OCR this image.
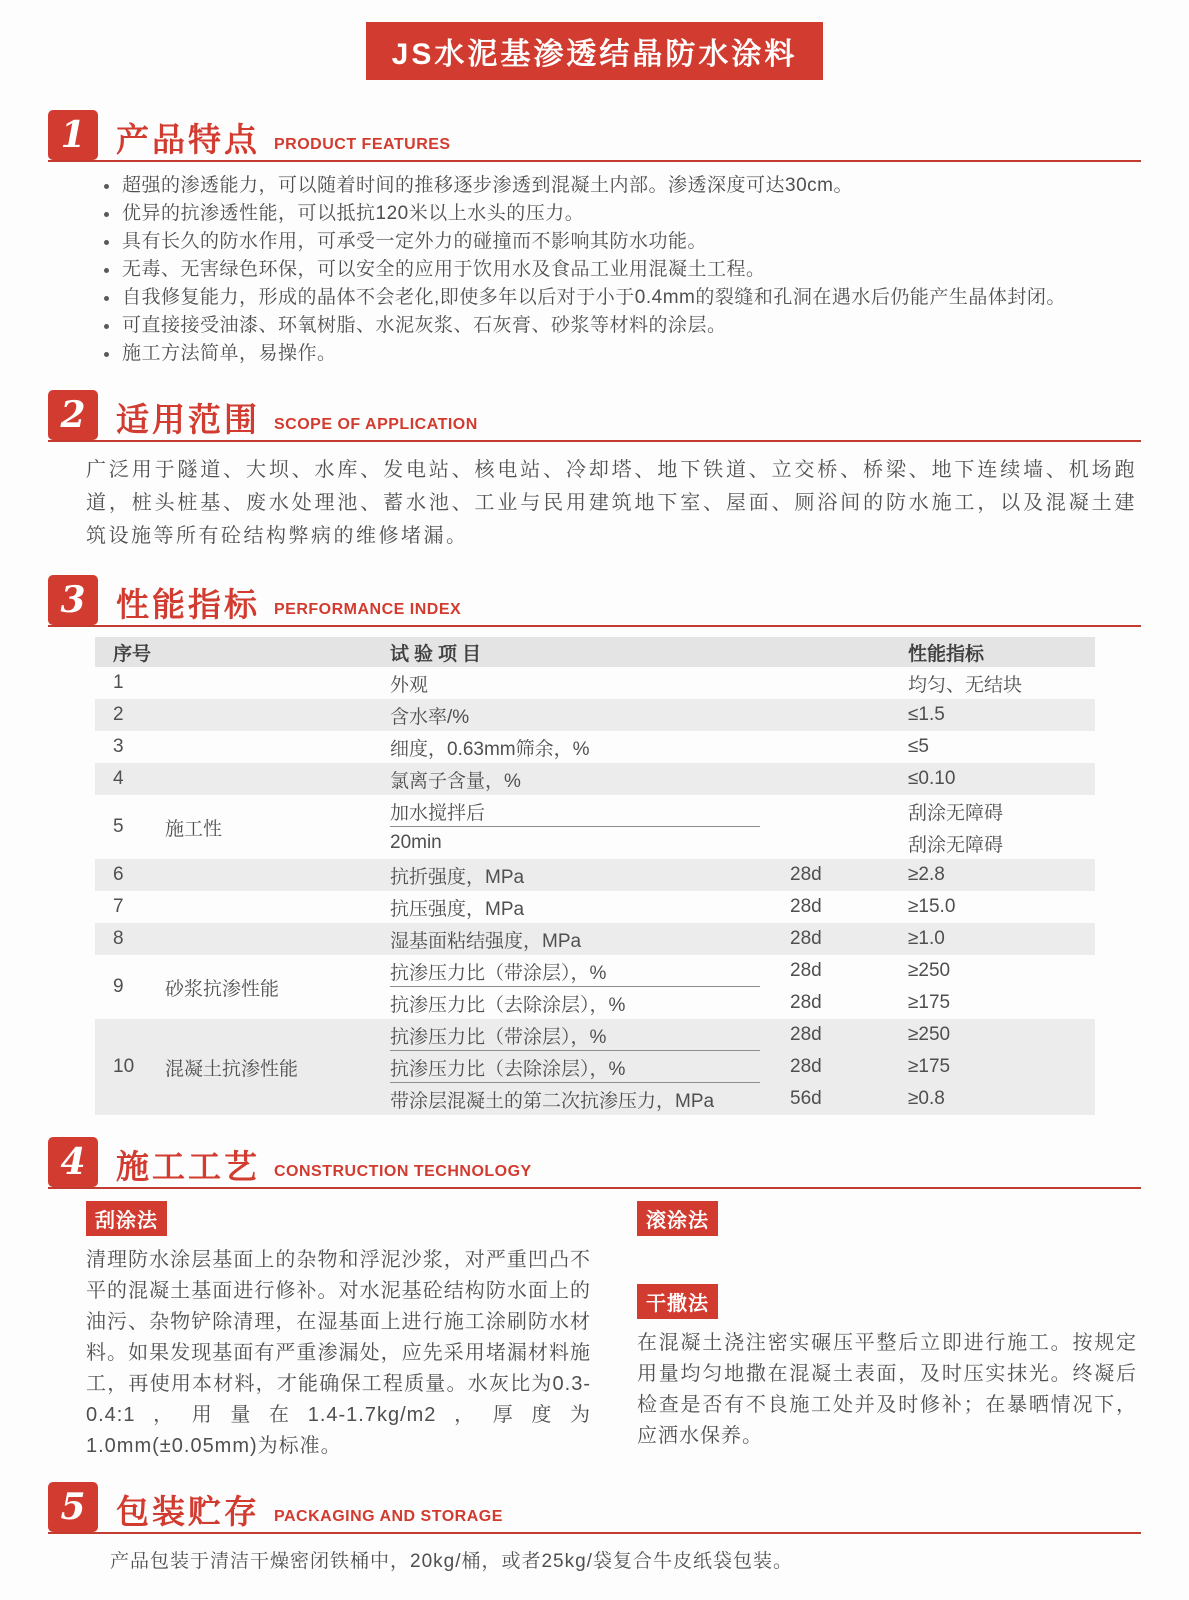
JS水泥基渗透结晶防水涂料
1 产品特点 PRODUCT FEATURES
超强的渗透能力，可以随着时间的推移逐步渗透到混凝土内部。渗透深度可达30cm。
优异的抗渗透性能，可以抵抗120米以上水头的压力。
具有长久的防水作用，可承受一定外力的碰撞而不影响其防水功能。
无毒、无害绿色环保，可以安全的应用于饮用水及食品工业用混凝土工程。
自我修复能力，形成的晶体不会老化,即使多年以后对于小于0.4mm的裂缝和孔洞在遇水后仍能产生晶体封闭。
可直接接受油漆、环氧树脂、水泥灰浆、石灰膏、砂浆等材料的涂层。
施工方法简单，易操作。
2 适用范围 SCOPE OF APPLICATION

广泛用于隧道、大坝、水库、发电站、核电站、冷却塔、地下铁道、立交桥、桥梁、地下连续墙、机场跑道，桩头桩基、废水处理池、蓄水池、工业与民用建筑地下室、屋面、厕浴间的防水施工，以及混凝土建筑设施等所有砼结构弊病的维修堵漏。

3 性能指标 PERFORMANCE INDEX
序号	试验项目	性能指标
1	外观	均匀、无结块
2	含水率/%	≤1.5
3	细度，0.63mm筛余，%	≤5
4	氯离子含量，%	≤0.10
5	施工性
加水搅拌后	刮涂无障碍
20min	刮涂无障碍
6	抗折强度，MPa	28d	≥2.8
7	抗压强度，MPa	28d	≥15.0
8	湿基面粘结强度，MPa	28d	≥1.0
9	砂浆抗渗性能
抗渗压力比（带涂层），%	28d	≥250
抗渗压力比（去除涂层），%	28d	≥175
10	混凝土抗渗性能
抗渗压力比（带涂层），%	28d	≥250
抗渗压力比（去除涂层），%	28d	≥175
带涂层混凝土的第二次抗渗压力，MPa	56d	≥0.8
4 施工工艺 CONSTRUCTION TECHNOLOGY
刮涂法

清理防水涂层基面上的杂物和浮泥沙浆，对严重凹凸不平的混凝土基面进行修补。对水泥基砼结构防水面上的油污、杂物铲除清理，在湿基面上进行施工涂刷防水材料。如果发现基面有严重渗漏处，应先采用堵漏材料施工，再使用本材料，才能确保工程质量。水灰比为0.3-0.4:1，用量在1.4-1.7kg/m2，厚度为1.0mm(±0.05mm)为标准。

滚涂法
干撒法

在混凝土浇注密实碾压平整后立即进行施工。按规定用量均匀地撒在混凝土表面，及时压实抹光。终凝后检查是否有不良施工处并及时修补；在暴晒情况下，应洒水保养。

5 包装贮存 PACKAGING AND STORAGE

产品包装于清洁干燥密闭铁桶中，20kg/桶，或者25kg/袋复合牛皮纸袋包装。
